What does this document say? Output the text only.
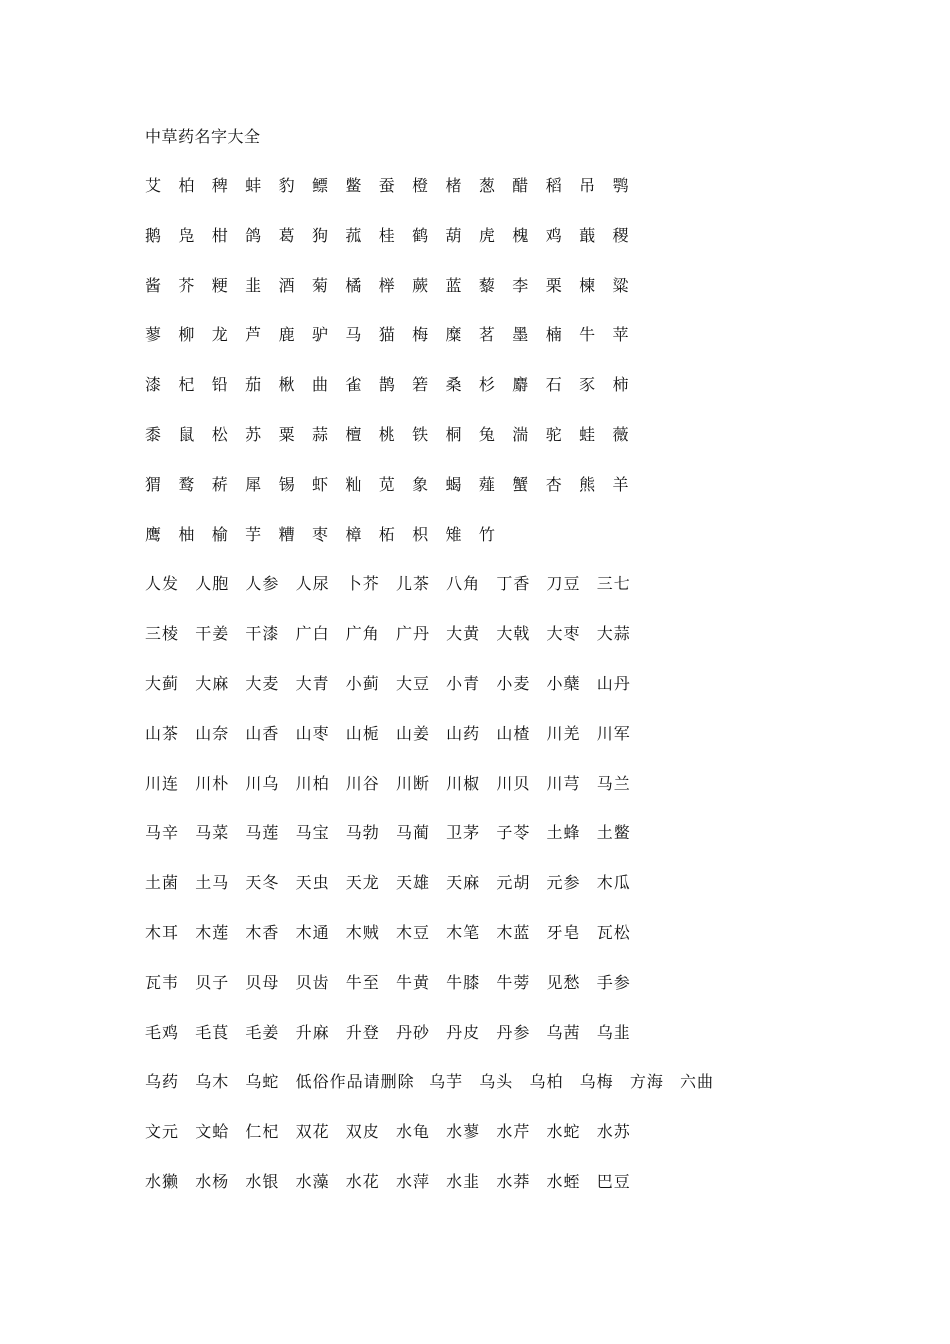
中草药名字大全
艾	柏	稗	蚌	豹	鳔	鳖	蚕	橙	楮	葱	醋	稻	吊	鹗
鹅	凫	柑	鸽	葛	狗	菰	桂	鹤	葫	虎	槐	鸡	蕺	稷
酱	芥	粳	韭	酒	菊	橘	榉	蕨	蓝	藜	李	栗	楝	粱
蓼	柳	龙	芦	鹿	驴	马	猫	梅	糜	茗	墨	楠	牛	苹
漆	杞	铅	茄	楸	曲	雀	鹊	箬	桑	杉	麝	石	豕	柿
黍	鼠	松	苏	粟	蒜	檀	桃	铁	桐	兔	湍	驼	蛙	薇
猬	鹜	菥	犀	锡	虾	籼	苋	象	蝎	薤	蟹	杏	熊	羊
鹰	柚	榆	芋	糟	枣	樟	柘	枳	雉	竹
人发	人胞	人参	人尿	卜芥	儿茶	八角	丁香	刀豆	三七
三棱	干姜	干漆	广白	广角	广丹	大黄	大戟	大枣	大蒜
大蓟	大麻	大麦	大青	小蓟	大豆	小青	小麦	小蘖	山丹
山茶	山奈	山香	山枣	山栀	山姜	山药	山楂	川羌	川军
川连	川朴	川乌	川柏	川谷	川断	川椒	川贝	川芎	马兰
马辛	马菜	马莲	马宝	马勃	马蔺	卫茅	子苓	土蜂	土鳖
土菌	土马	天冬	天虫	天龙	天雄	天麻	元胡	元参	木瓜
木耳	木莲	木香	木通	木贼	木豆	木笔	木蓝	牙皂	瓦松
瓦韦	贝子	贝母	贝齿	牛至	牛黄	牛膝	牛蒡	见愁	手参
毛鸡	毛茛	毛姜	升麻	升登	丹砂	丹皮	丹参	乌茜	乌韭
乌药	乌木	乌蛇	低俗作品请删除 乌芋	乌头	乌柏	乌梅	方海	六曲
文元	文蛤	仁杞	双花	双皮	水龟	水蓼	水芹	水蛇	水苏
水獭	水杨	水银	水藻	水花	水萍	水韭	水莽	水蛭	巴豆
